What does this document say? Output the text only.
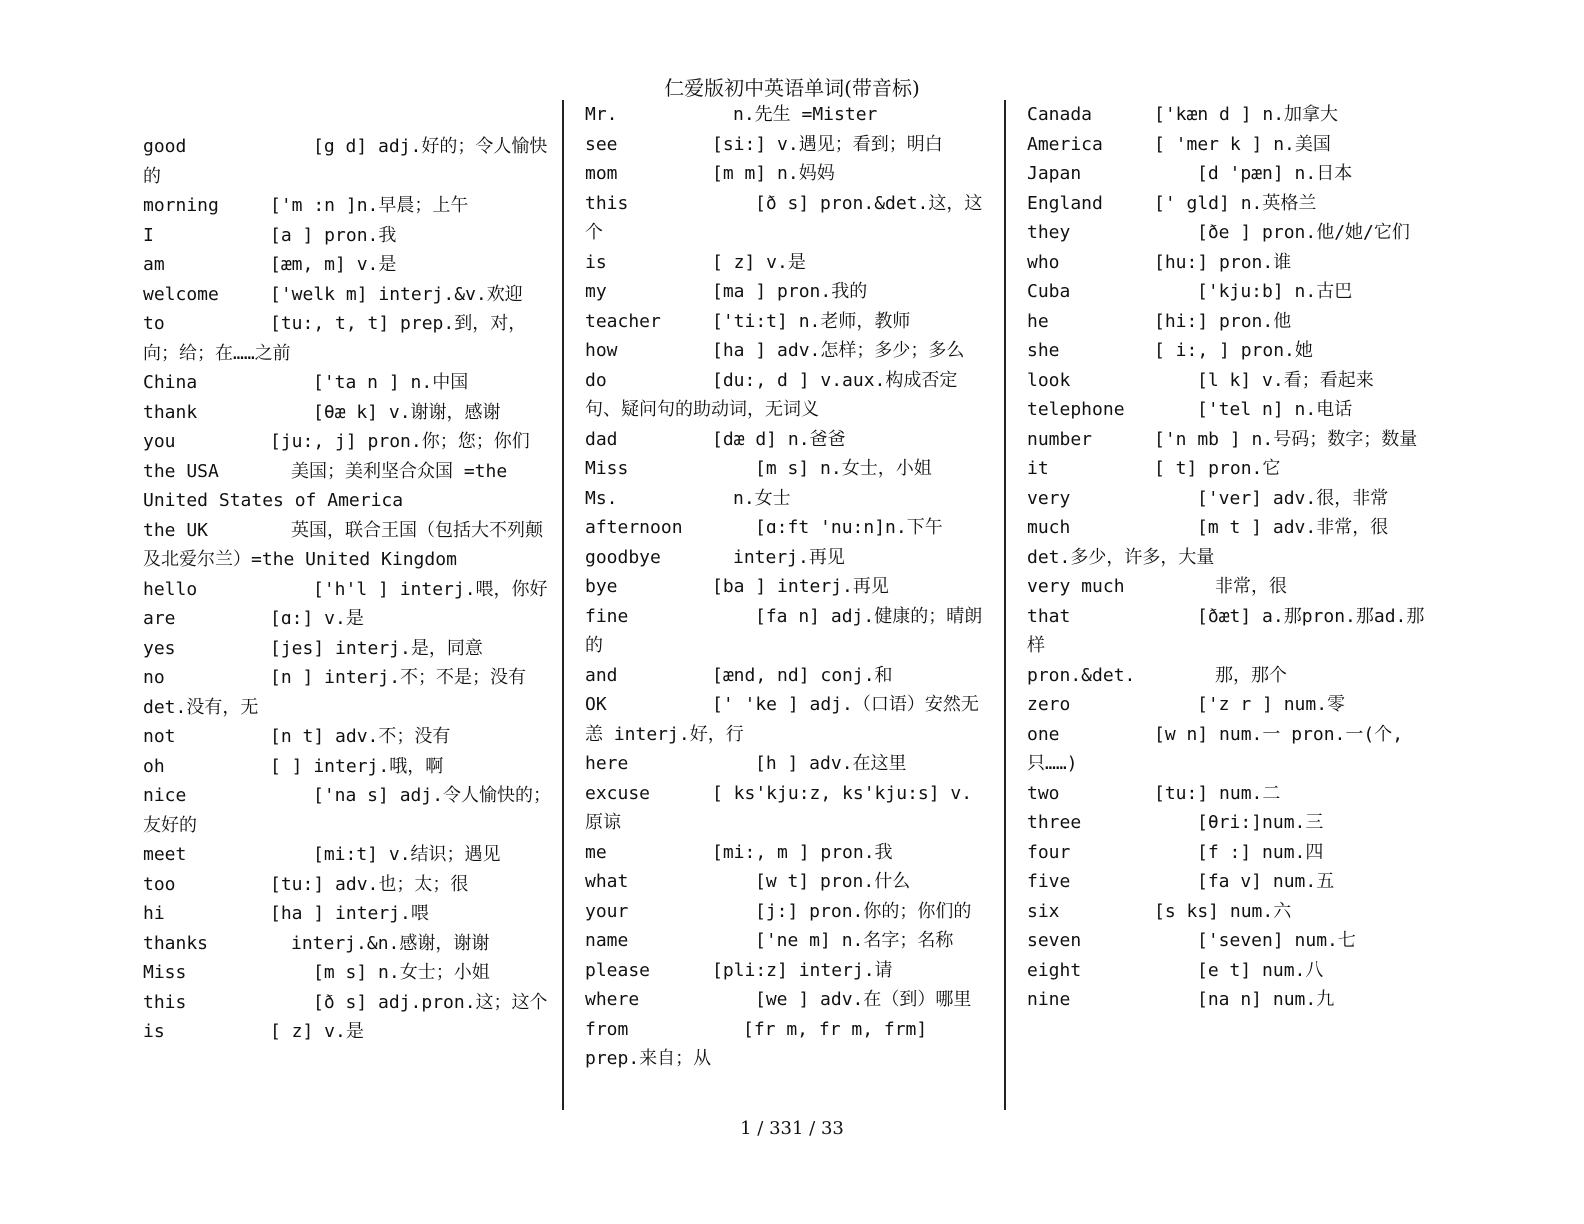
仁爱版初中英语单词(带音标)
good	[g d] adj.好的；令人愉快的
morning	['m :n ]n.早晨；上午
I	[a ] pron.我
am	[æm, m] v.是
welcome	['welk m] interj.&v.欢迎
to	[tu:, t, t] prep.到，对，向；给；在……之前
China	['ta n ] n.中国
thank	[θæ k] v.谢谢，感谢
you	[ju:, j] pron.你；您；你们
the USA	美国；美利坚合众国 =the United States of America
the UK	英国，联合王国（包括大不列颠及北爱尔兰）=the United Kingdom
hello	['h'l ] interj.喂，你好
are	[ɑ:] v.是
yes	[jes] interj.是，同意
no	[n ] interj.不；不是；没有 det.没有，无
not	[n t] adv.不；没有
oh	[ ] interj.哦，啊
nice	['na s] adj.令人愉快的；友好的
meet	[mi:t] v.结识；遇见
too	[tu:] adv.也；太；很
hi	[ha ] interj.喂
thanks	interj.&n.感谢，谢谢
Miss	[m s] n.女士；小姐
this	[ð s] adj.pron.这；这个
is	[ z] v.是
Mr.	n.先生 =Mister
see	[si:] v.遇见；看到；明白
mom	[m m] n.妈妈
this	[ð s] pron.&det.这，这个
is	[ z] v.是
my	[ma ] pron.我的
teacher	['ti:t] n.老师，教师
how	[ha ] adv.怎样；多少；多么
do	[du:, d ] v.aux.构成否定句、疑问句的助动词，无词义
dad	[dæ d] n.爸爸
Miss	[m s] n.女士，小姐
Ms.	n.女士
afternoon	[ɑ:ft 'nu:n]n.下午
goodbye	interj.再见
bye	[ba ] interj.再见
fine	[fa n] adj.健康的；晴朗的
and	[ænd, nd] conj.和
OK	[' 'ke ] adj.（口语）安然无恙 interj.好，行
here	[h ] adv.在这里
excuse	[ ks'kju:z, ks'kju:s] v.原谅
me	[mi:, m ] pron.我
what	[w t] pron.什么
your	[j:] pron.你的；你们的
name	['ne m] n.名字；名称
please	[pli:z] interj.请
where	[we ] adv.在（到）哪里
from	[fr m, fr m, frm] prep.来自；从
Canada	['kæn d ] n.加拿大
America	[ 'mer k ] n.美国
Japan	[d 'pæn] n.日本
England	[' gld] n.英格兰
they	[ðe ] pron.他/她/它们
who	[hu:] pron.谁
Cuba	['kju:b] n.古巴
he	[hi:] pron.他
she	[ i:, ] pron.她
look	[l k] v.看；看起来
telephone	['tel n] n.电话
number	['n mb ] n.号码；数字；数量
it	[ t] pron.它
very	['ver] adv.很，非常
much	[m t ] adv.非常，很 det.多少，许多，大量
very much	非常，很
that	[ðæt] a.那pron.那ad.那样
pron.&det.	那，那个
zero	['z r ] num.零
one	[w n] num.一 pron.一(个,只……)
two	[tu:] num.二
three	[θri:]num.三
four	[f :] num.四
five	[fa v] num.五
six	[s ks] num.六
seven	['seven] num.七
eight	[e t] num.八
nine	[na n] num.九
1 / 331 / 33
